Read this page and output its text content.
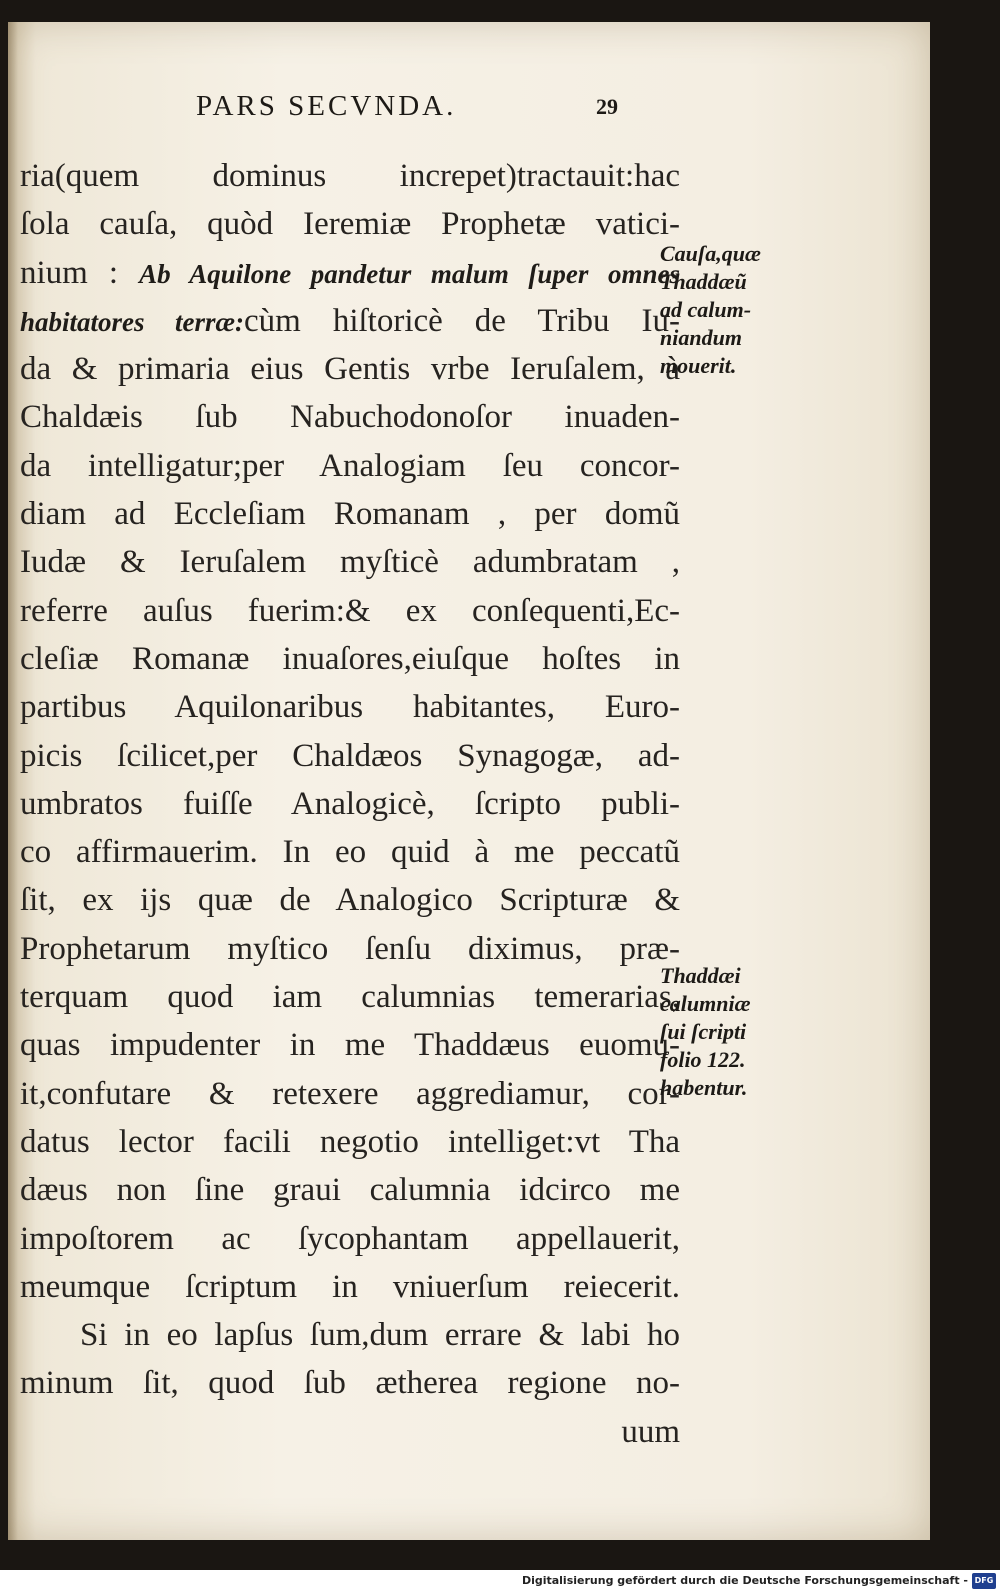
PARS SECVNDA.	29
ria(quem dominus increpet)tractauit:hac
ſola cauſa, quòd Ieremiæ Prophetæ vatici-
nium : Ab Aquilone pandetur malum ſuper omnes
habitatores terræ:cùm hiſtoricè de Tribu Iu-
da & primaria eius Gentis vrbe Ieruſalem, à
Chaldæis ſub Nabuchodonoſor inuaden-
da intelligatur;per Analogiam ſeu concor-
diam ad Eccleſiam Romanam , per domũ
Iudæ & Ieruſalem myſticè adumbratam ,
referre auſus fuerim:& ex conſequenti,Ec-
cleſiæ Romanæ inuaſores,eiuſque hoſtes in
partibus Aquilonaribus habitantes, Euro-
picis ſcilicet,per Chaldæos Synagogæ, ad-
umbratos fuiſſe Analogicè, ſcripto publi-
co affirmauerim. In eo quid à me peccatũ
ſit, ex ijs quæ de Analogico Scripturæ &
Prophetarum myſtico ſenſu diximus, præ-
terquam quod iam calumnias temerarias,
quas impudenter in me Thaddæus euomu-
it,confutare & retexere aggrediamur, cor-
datus lector facili negotio intelliget:vt Tha
dæus non ſine graui calumnia idcirco me
impoſtorem ac ſycophantam appellauerit,
meumque ſcriptum in vniuerſum reiecerit.
Si in eo lapſus ſum,dum errare & labi ho
minum ſit, quod ſub ætherea regione no-
uum
Cauſa,quæ
Thaddæũ
ad calum-
niandum
mouerit.
Thaddæi
calumniæ
ſui ſcripti
folio 122.
habentur.
Digitalisierung gefördert durch die Deutsche Forschungsgemeinschaft - DFG
